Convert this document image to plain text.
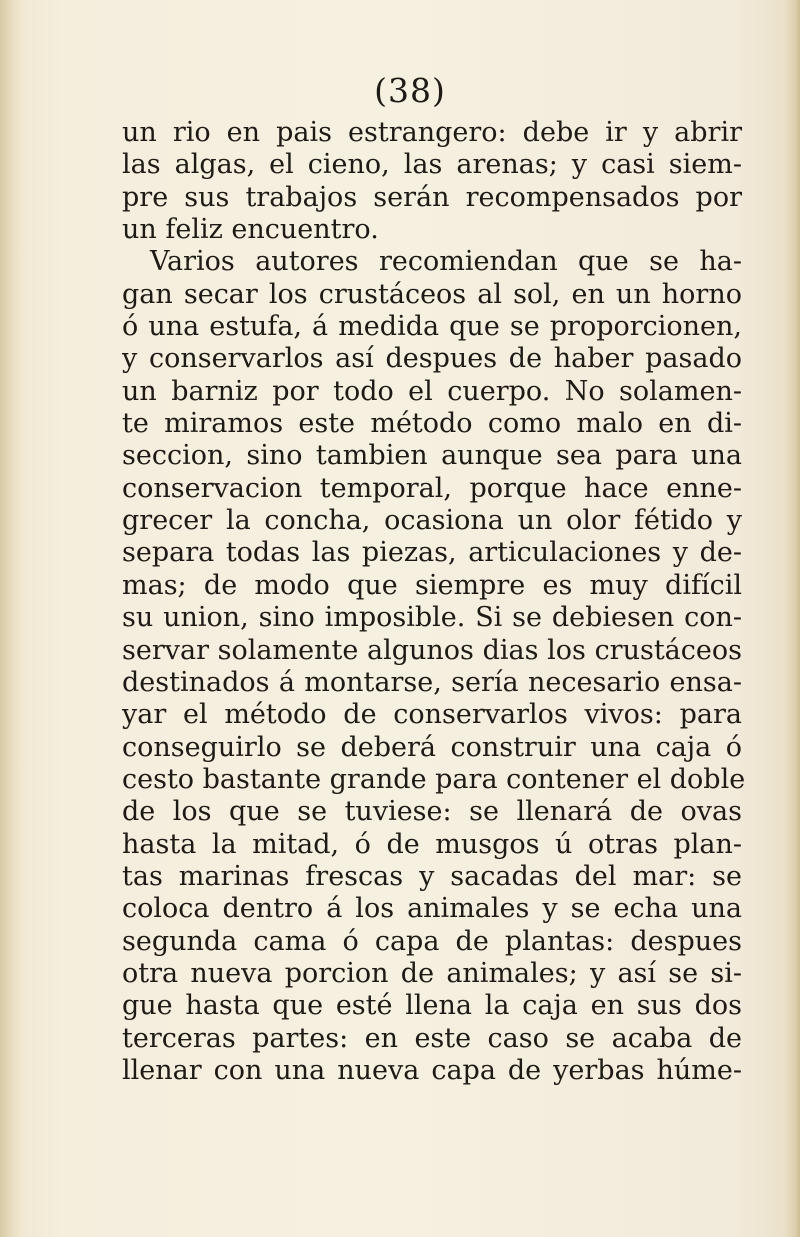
(38)
un rio en pais estrangero: debe ir y abrir
las algas, el cieno, las arenas; y casi siem-
pre sus trabajos serán recompensados por
un feliz encuentro.
Varios autores recomiendan que se ha-
gan secar los crustáceos al sol, en un horno
ó una estufa, á medida que se proporcionen,
y conservarlos así despues de haber pasado
un barniz por todo el cuerpo. No solamen-
te miramos este método como malo en di-
seccion, sino tambien aunque sea para una
conservacion temporal, porque hace enne-
grecer la concha, ocasiona un olor fétido y
separa todas las piezas, articulaciones y de-
mas; de modo que siempre es muy difícil
su union, sino imposible. Si se debiesen con-
servar solamente algunos dias los crustáceos
destinados á montarse, sería necesario ensa-
yar el método de conservarlos vivos: para
conseguirlo se deberá construir una caja ó
cesto bastante grande para contener el doble
de los que se tuviese: se llenará de ovas
hasta la mitad, ó de musgos ú otras plan-
tas marinas frescas y sacadas del mar: se
coloca dentro á los animales y se echa una
segunda cama ó capa de plantas: despues
otra nueva porcion de animales; y así se si-
gue hasta que esté llena la caja en sus dos
terceras partes: en este caso se acaba de
llenar con una nueva capa de yerbas húme-
